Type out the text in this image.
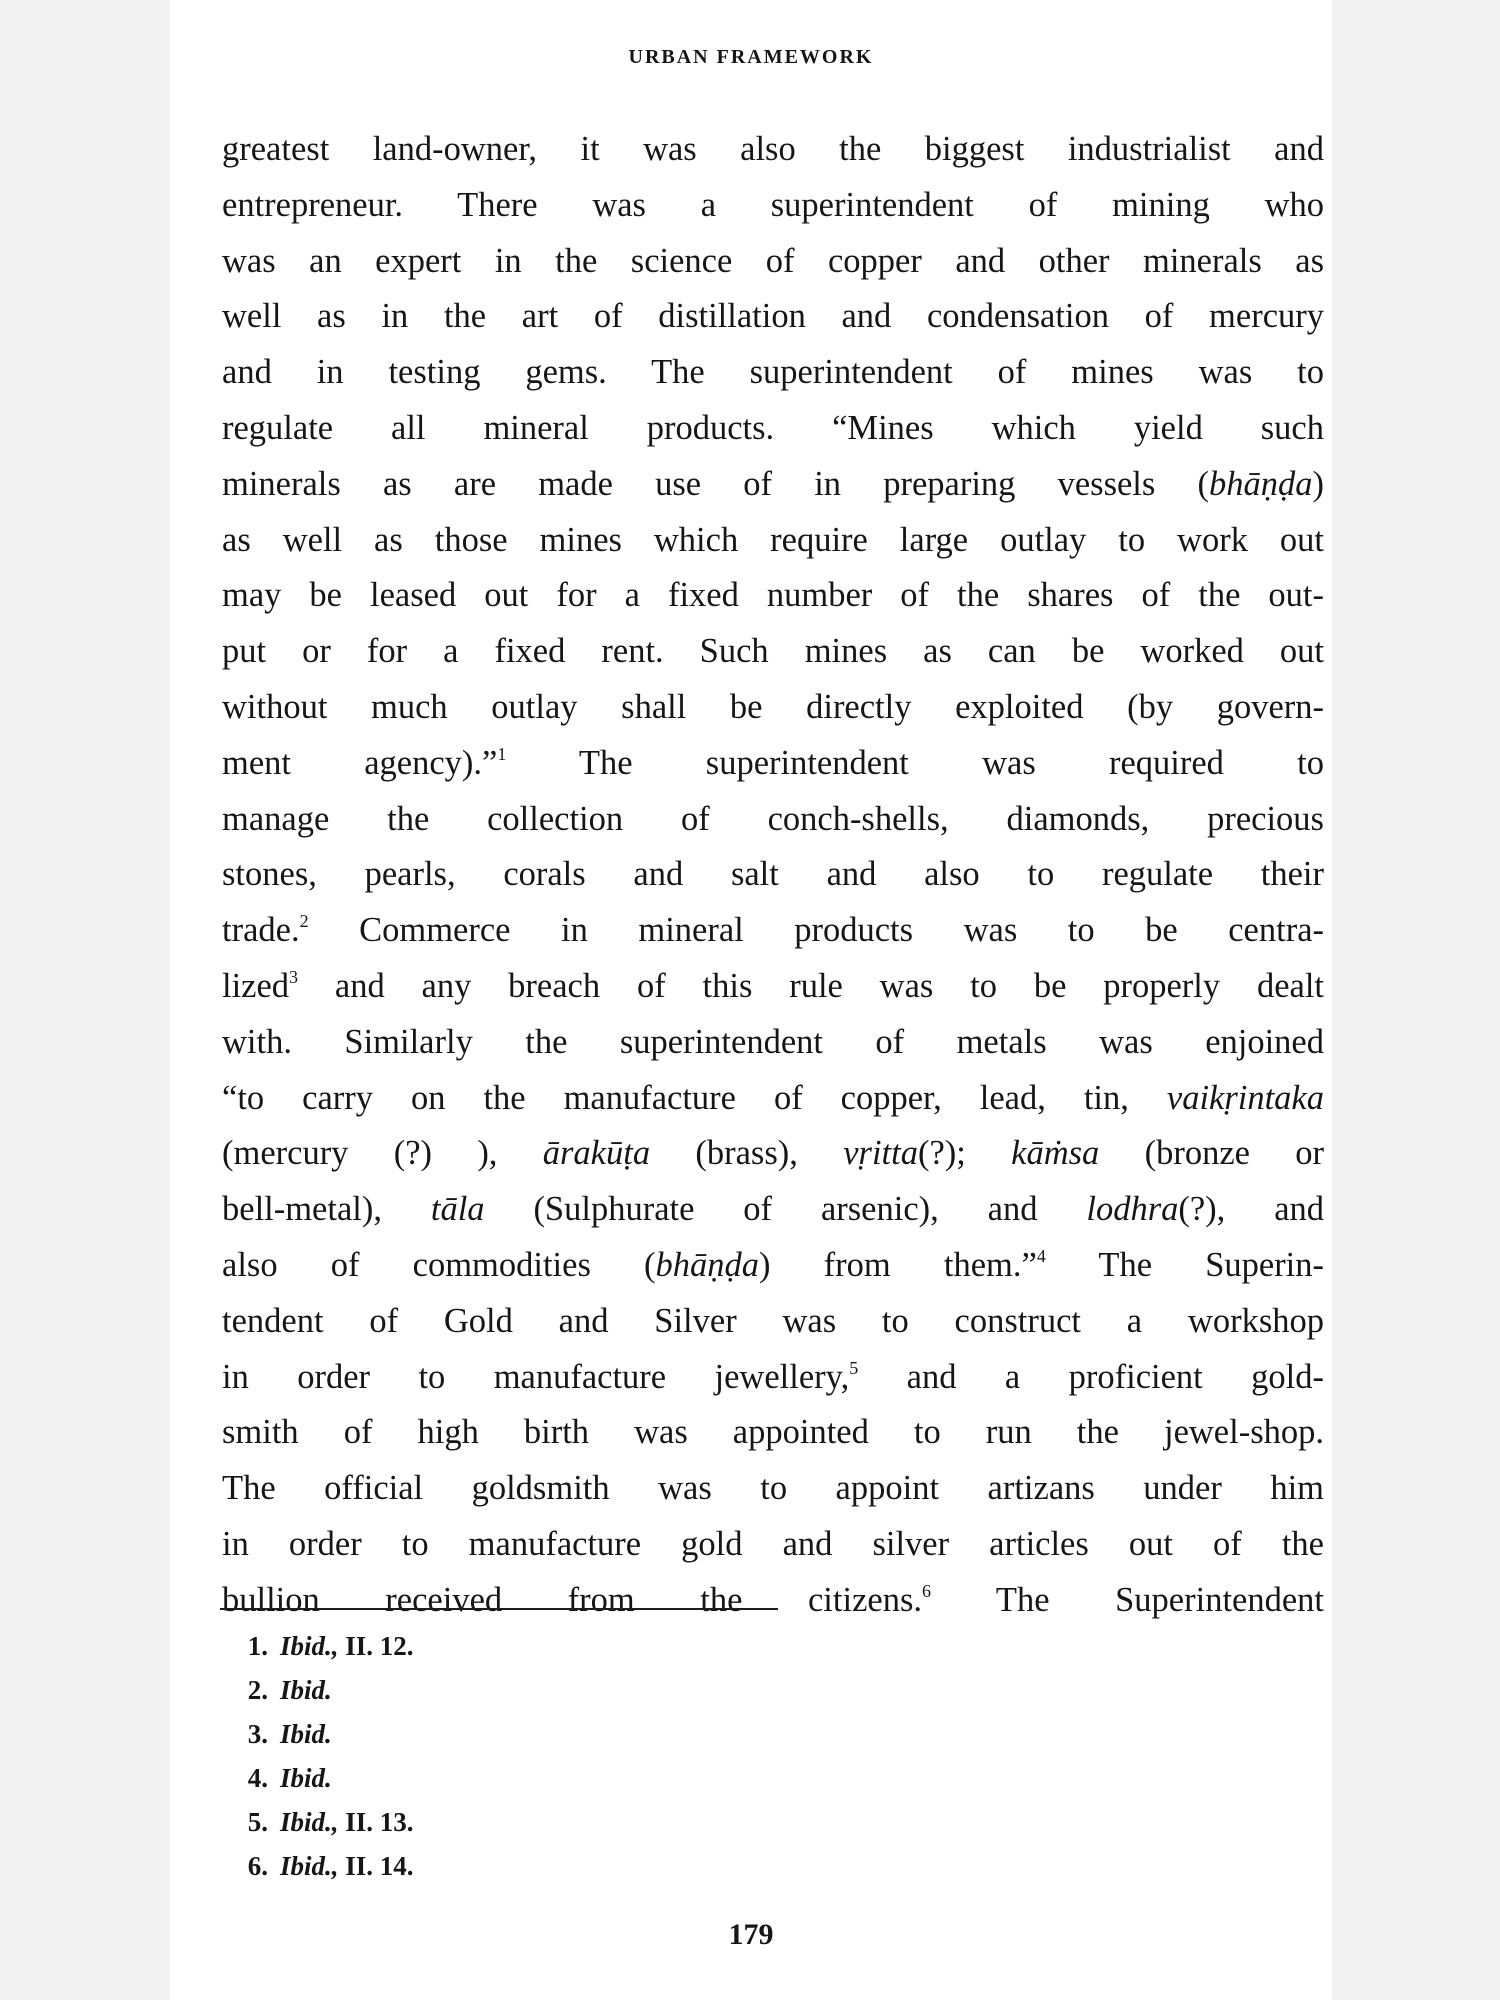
URBAN FRAMEWORK
greatest land-owner, it was also the biggest industrialist and
entrepreneur. There was a superintendent of mining who
was an expert in the science of copper and other minerals as
well as in the art of distillation and condensation of mercury
and in testing gems. The superintendent of mines was to
regulate all mineral products. “Mines which yield such
minerals as are made use of in preparing vessels (bhāṇḍa)
as well as those mines which require large outlay to work out
may be leased out for a fixed number of the shares of the out-
put or for a fixed rent. Such mines as can be worked out
without much outlay shall be directly exploited (by govern-
ment agency).”$^1$ The superintendent was required to
manage the collection of conch-shells, diamonds, precious
stones, pearls, corals and salt and also to regulate their
trade.$^2$ Commerce in mineral products was to be centra-
lized$^3$ and any breach of this rule was to be properly dealt
with. Similarly the superintendent of metals was enjoined
“to carry on the manufacture of copper, lead, tin, vaikṛintaka
(mercury (?) ), ārakūṭa (brass), vṛitta(?); kāṁsa (bronze or
bell-metal), tāla (Sulphurate of arsenic), and lodhra(?), and
also of commodities (bhāṇḍa) from them.”$^4$ The Superin-
tendent of Gold and Silver was to construct a workshop
in order to manufacture jewellery,$^5$ and a proficient gold-
smith of high birth was appointed to run the jewel-shop.
The official goldsmith was to appoint artizans under him
in order to manufacture gold and silver articles out of the
bullion received from the citizens.$^6$ The Superintendent
1. Ibid., II. 12.
2. Ibid.
3. Ibid.
4. Ibid.
5. Ibid., II. 13.
6. Ibid., II. 14.
179
